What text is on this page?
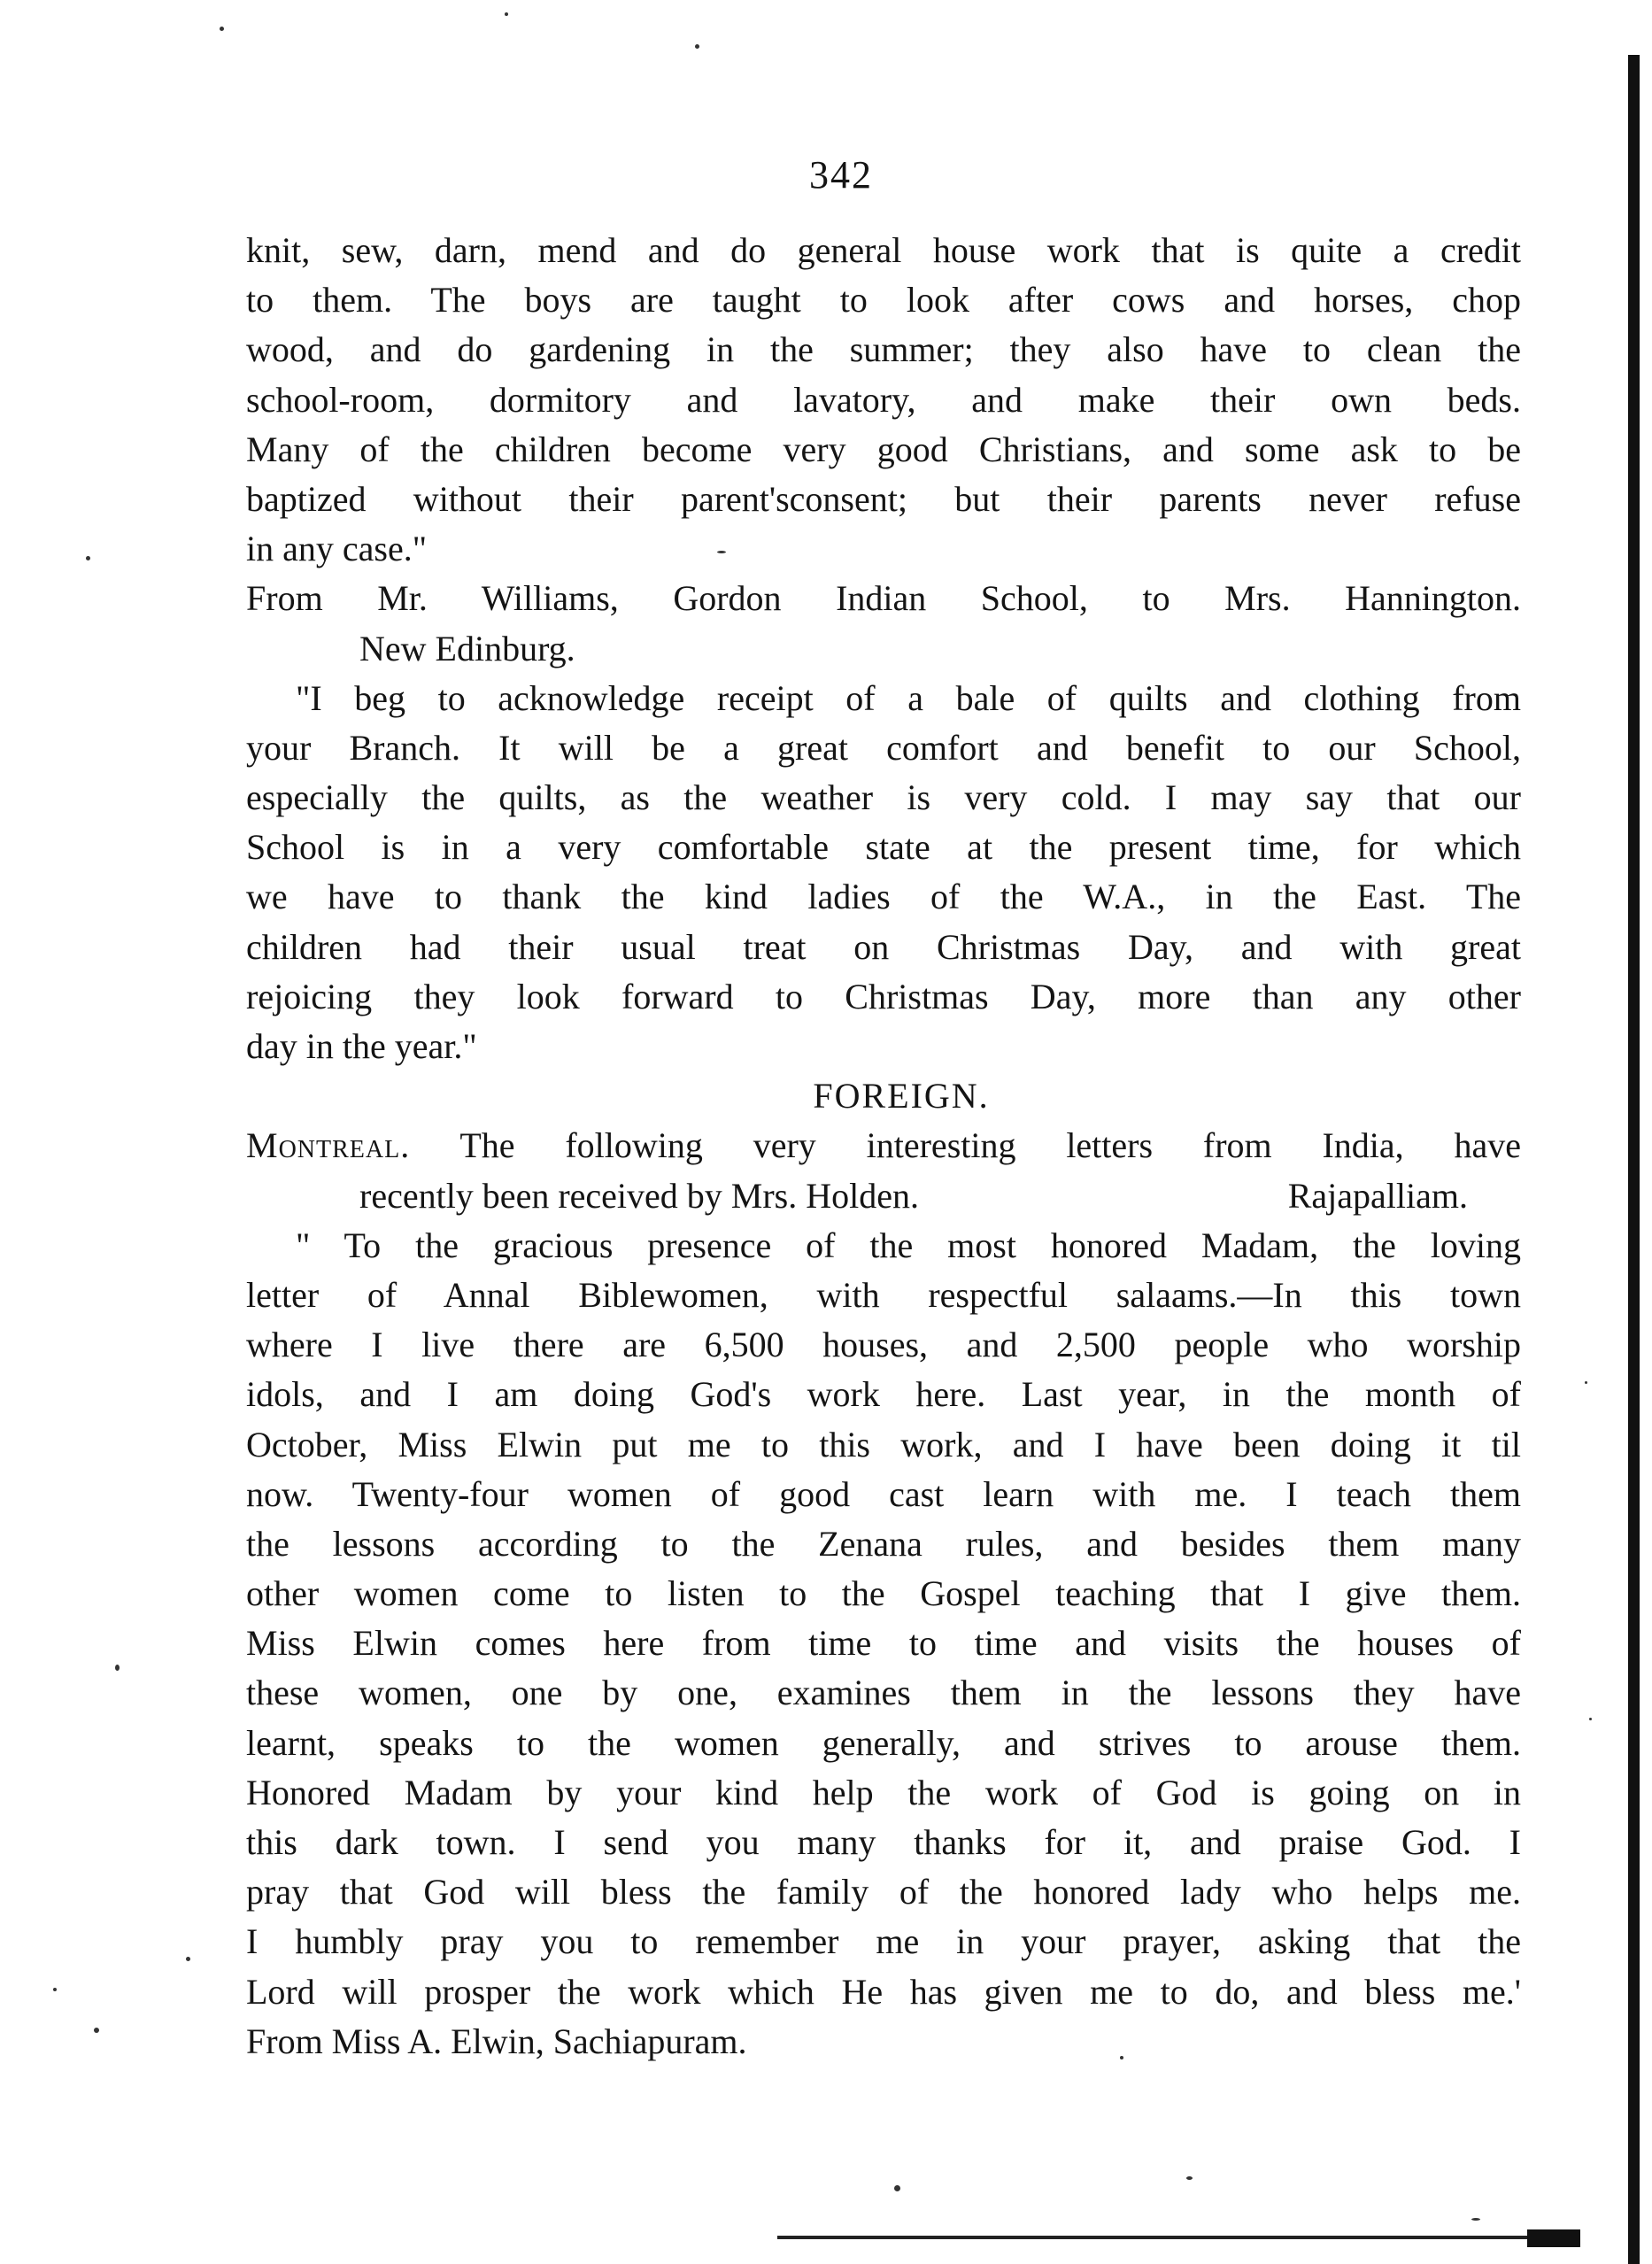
342
knit, sew, darn, mend and do general house work that is quite a credit
to them. The boys are taught to look after cows and horses, chop
wood, and do gardening in the summer; they also have to clean the
school-room, dormitory and lavatory, and make their own beds.
Many of the children become very good Christians, and some ask to be
baptized without their parent'sconsent; but their parents never refuse
in any case."
From Mr. Williams, Gordon Indian School, to Mrs. Hannington.
New Edinburg.
"I beg to acknowledge receipt of a bale of quilts and clothing from
your Branch. It will be a great comfort and benefit to our School,
especially the quilts, as the weather is very cold. I may say that our
School is in a very comfortable state at the present time, for which
we have to thank the kind ladies of the W.A., in the East. The
children had their usual treat on Christmas Day, and with great
rejoicing they look forward to Christmas Day, more than any other
day in the year."
FOREIGN.
Montreal. The following very interesting letters from India, have
recently been received by Mrs. Holden.	Rajapalliam.
" To the gracious presence of the most honored Madam, the loving
letter of Annal Biblewomen, with respectful salaams.—In this town
where I live there are 6,500 houses, and 2,500 people who worship
idols, and I am doing God's work here. Last year, in the month of
October, Miss Elwin put me to this work, and I have been doing it til
now. Twenty-four women of good cast learn with me. I teach them
the lessons according to the Zenana rules, and besides them many
other women come to listen to the Gospel teaching that I give them.
Miss Elwin comes here from time to time and visits the houses of
these women, one by one, examines them in the lessons they have
learnt, speaks to the women generally, and strives to arouse them.
Honored Madam by your kind help the work of God is going on in
this dark town. I send you many thanks for it, and praise God. I
pray that God will bless the family of the honored lady who helps me.
I humbly pray you to remember me in your prayer, asking that the
Lord will prosper the work which He has given me to do, and bless me.'
From Miss A. Elwin, Sachiapuram.
